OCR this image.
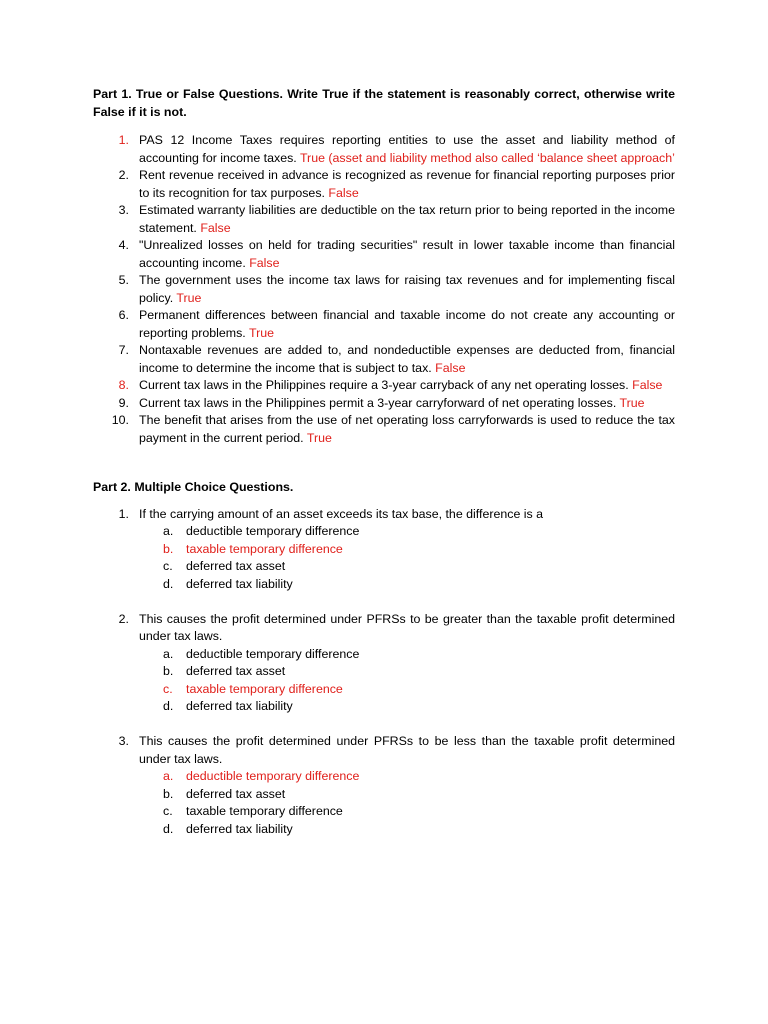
Part 1. True or False Questions. Write True if the statement is reasonably correct, otherwise write False if it is not.

1. PAS 12 Income Taxes requires reporting entities to use the asset and liability method of accounting for income taxes. True (asset and liability method also called ‘balance sheet approach’
2. Rent revenue received in advance is recognized as revenue for financial reporting purposes prior to its recognition for tax purposes. False
3. Estimated warranty liabilities are deductible on the tax return prior to being reported in the income statement. False
4. "Unrealized losses on held for trading securities" result in lower taxable income than financial accounting income. False
5. The government uses the income tax laws for raising tax revenues and for implementing fiscal policy. True
6. Permanent differences between financial and taxable income do not create any accounting or reporting problems. True
7. Nontaxable revenues are added to, and nondeductible expenses are deducted from, financial income to determine the income that is subject to tax. False
8. Current tax laws in the Philippines require a 3-year carryback of any net operating losses. False
9. Current tax laws in the Philippines permit a 3-year carryforward of net operating losses. True
10. The benefit that arises from the use of net operating loss carryforwards is used to reduce the tax payment in the current period. True

Part 2. Multiple Choice Questions.

1. If the carrying amount of an asset exceeds its tax base, the difference is a
a. deductible temporary difference
b. taxable temporary difference
c. deferred tax asset
d. deferred tax liability
2. This causes the profit determined under PFRSs to be greater than the taxable profit determined under tax laws.
a. deductible temporary difference
b. deferred tax asset
c. taxable temporary difference
d. deferred tax liability
3. This causes the profit determined under PFRSs to be less than the taxable profit determined under tax laws.
a. deductible temporary difference
b. deferred tax asset
c. taxable temporary difference
d. deferred tax liability
